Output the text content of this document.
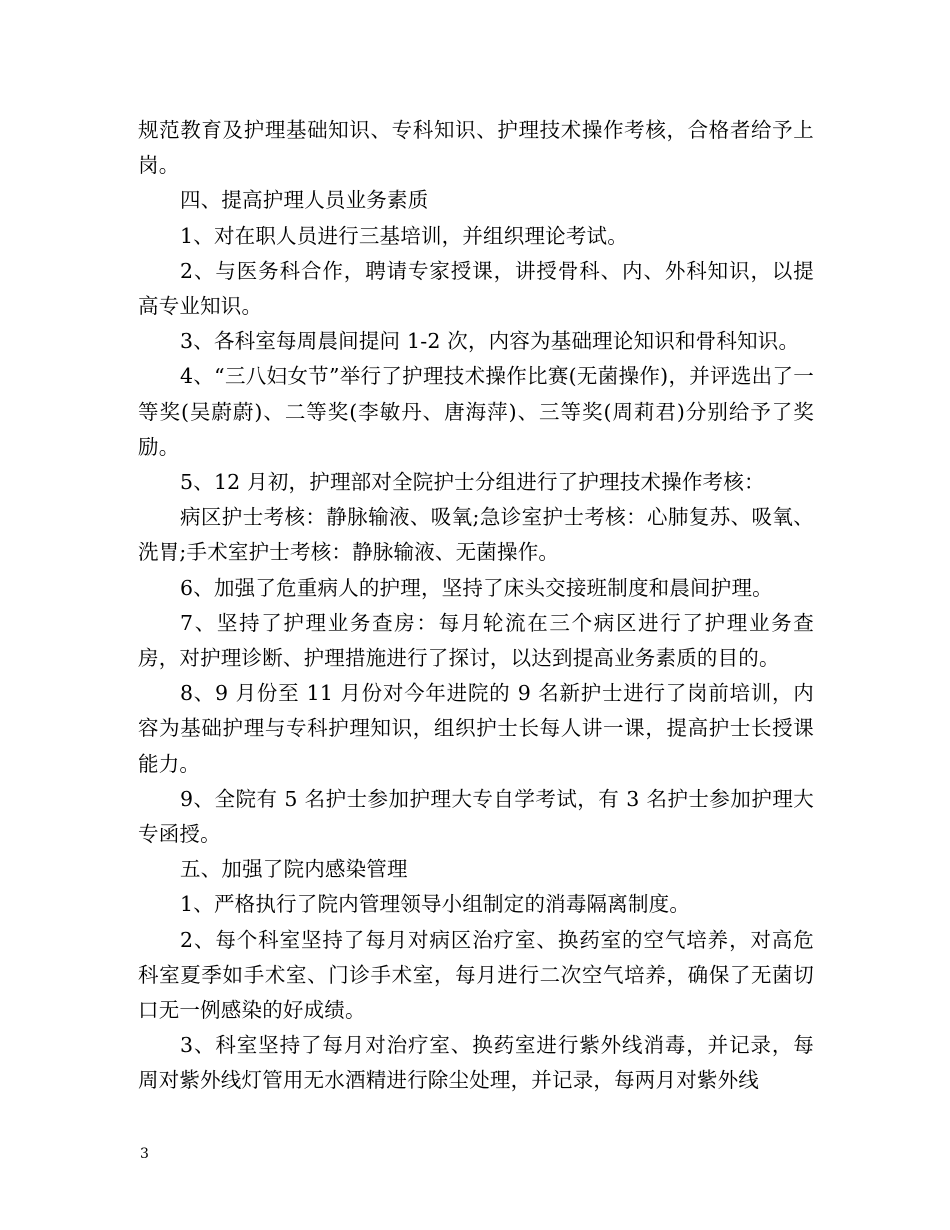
规范教育及护理基础知识、专科知识、护理技术操作考核，合格者给予上岗。

四、提高护理人员业务素质

1、对在职人员进行三基培训，并组织理论考试。

2、与医务科合作，聘请专家授课，讲授骨科、内、外科知识，以提高专业知识。

3、各科室每周晨间提问 1-2 次，内容为基础理论知识和骨科知识。

4、“三八妇女节”举行了护理技术操作比赛(无菌操作)，并评选出了一等奖(吴蔚蔚)、二等奖(李敏丹、唐海萍)、三等奖(周莉君)分别给予了奖励。

5、12 月初，护理部对全院护士分组进行了护理技术操作考核：

病区护士考核：静脉输液、吸氧;急诊室护士考核：心肺复苏、吸氧、洗胃;手术室护士考核：静脉输液、无菌操作。

6、加强了危重病人的护理，坚持了床头交接班制度和晨间护理。

7、坚持了护理业务查房：每月轮流在三个病区进行了护理业务查房，对护理诊断、护理措施进行了探讨，以达到提高业务素质的目的。

8、9 月份至 11 月份对今年进院的 9 名新护士进行了岗前培训，内容为基础护理与专科护理知识，组织护士长每人讲一课，提高护士长授课能力。

9、全院有 5 名护士参加护理大专自学考试，有 3 名护士参加护理大专函授。

五、加强了院内感染管理

1、严格执行了院内管理领导小组制定的消毒隔离制度。

2、每个科室坚持了每月对病区治疗室、换药室的空气培养，对高危科室夏季如手术室、门诊手术室，每月进行二次空气培养，确保了无菌切口无一例感染的好成绩。

3、科室坚持了每月对治疗室、换药室进行紫外线消毒，并记录，每周对紫外线灯管用无水酒精进行除尘处理，并记录，每两月对紫外线

3
